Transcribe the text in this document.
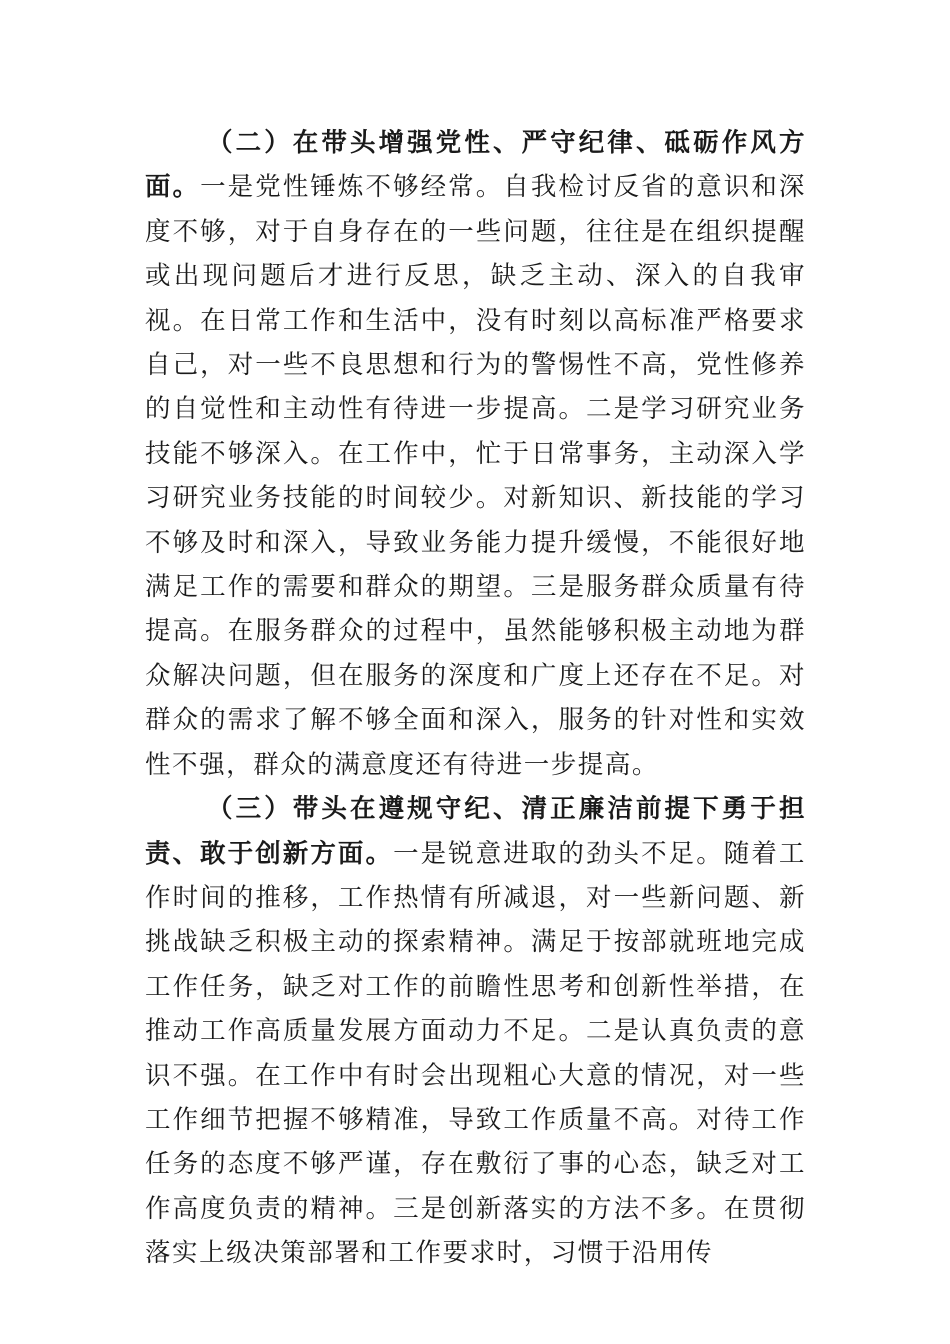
（二）在带头增强党性、严守纪律、砥砺作风方面。一是党性锤炼不够经常。自我检讨反省的意识和深度不够，对于自身存在的一些问题，往往是在组织提醒或出现问题后才进行反思，缺乏主动、深入的自我审视。在日常工作和生活中，没有时刻以高标准严格要求自己，对一些不良思想和行为的警惕性不高，党性修养的自觉性和主动性有待进一步提高。二是学习研究业务技能不够深入。在工作中，忙于日常事务，主动深入学习研究业务技能的时间较少。对新知识、新技能的学习不够及时和深入，导致业务能力提升缓慢，不能很好地满足工作的需要和群众的期望。三是服务群众质量有待提高。在服务群众的过程中，虽然能够积极主动地为群众解决问题，但在服务的深度和广度上还存在不足。对群众的需求了解不够全面和深入，服务的针对性和实效性不强，群众的满意度还有待进一步提高。

（三）带头在遵规守纪、清正廉洁前提下勇于担责、敢于创新方面。一是锐意进取的劲头不足。随着工作时间的推移，工作热情有所减退，对一些新问题、新挑战缺乏积极主动的探索精神。满足于按部就班地完成工作任务，缺乏对工作的前瞻性思考和创新性举措，在推动工作高质量发展方面动力不足。二是认真负责的意识不强。在工作中有时会出现粗心大意的情况，对一些工作细节把握不够精准，导致工作质量不高。对待工作任务的态度不够严谨，存在敷衍了事的心态，缺乏对工作高度负责的精神。三是创新落实的方法不多。在贯彻落实上级决策部署和工作要求时，习惯于沿用传
